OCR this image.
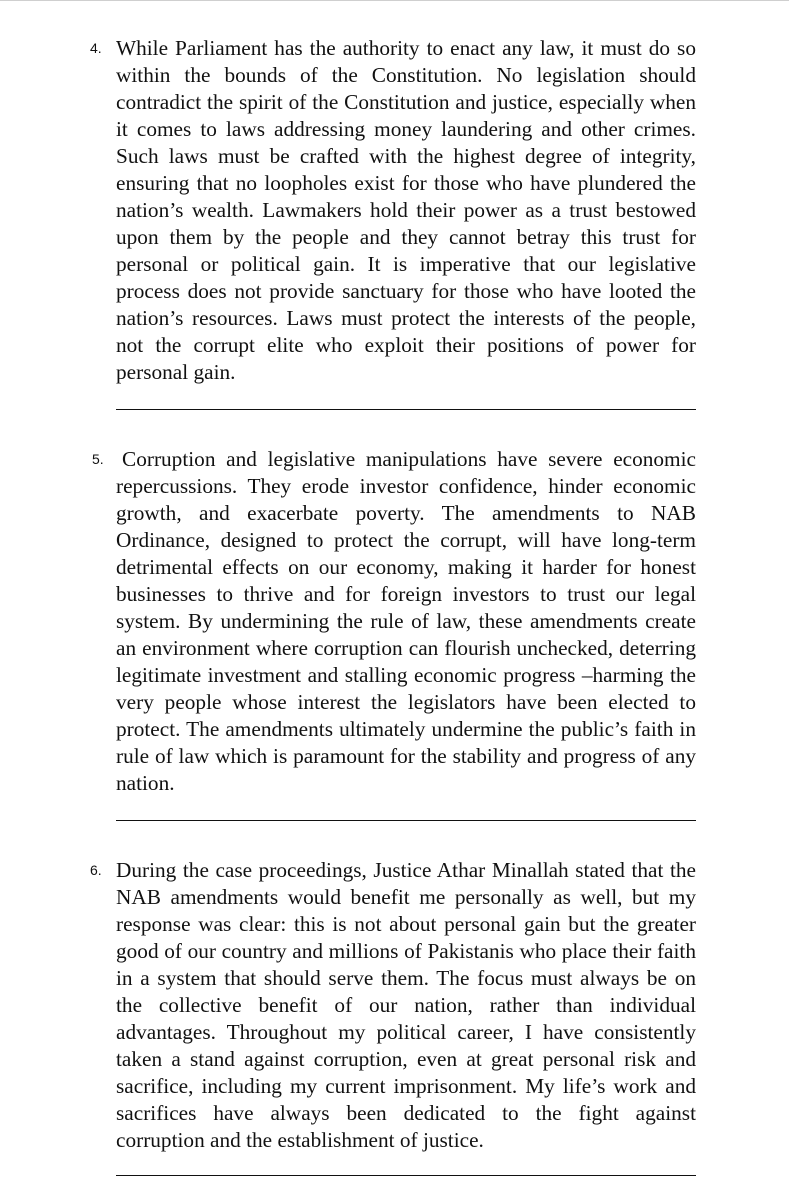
4. While Parliament has the authority to enact any law, it must do so within the bounds of the Constitution. No legislation should contradict the spirit of the Constitution and justice, especially when it comes to laws addressing money laundering and other crimes. Such laws must be crafted with the highest degree of integrity, ensuring that no loopholes exist for those who have plundered the nation’s wealth. Lawmakers hold their power as a trust bestowed upon them by the people and they cannot betray this trust for personal or political gain. It is imperative that our legislative process does not provide sanctuary for those who have looted the nation’s resources. Laws must protect the interests of the people, not the corrupt elite who exploit their positions of power for personal gain.

5. Corruption and legislative manipulations have severe economic repercussions. They erode investor confidence, hinder economic growth, and exacerbate poverty. The amendments to NAB Ordinance, designed to protect the corrupt, will have long-term detrimental effects on our economy, making it harder for honest businesses to thrive and for foreign investors to trust our legal system. By undermining the rule of law, these amendments create an environment where corruption can flourish unchecked, deterring legitimate investment and stalling economic progress –harming the very people whose interest the legislators have been elected to protect. The amendments ultimately undermine the public’s faith in rule of law which is paramount for the stability and progress of any nation.

6. During the case proceedings, Justice Athar Minallah stated that the NAB amendments would benefit me personally as well, but my response was clear: this is not about personal gain but the greater good of our country and millions of Pakistanis who place their faith in a system that should serve them. The focus must always be on the collective benefit of our nation, rather than individual advantages. Throughout my political career, I have consistently taken a stand against corruption, even at great personal risk and sacrifice, including my current imprisonment. My life’s work and sacrifices have always been dedicated to the fight against corruption and the establishment of justice.
